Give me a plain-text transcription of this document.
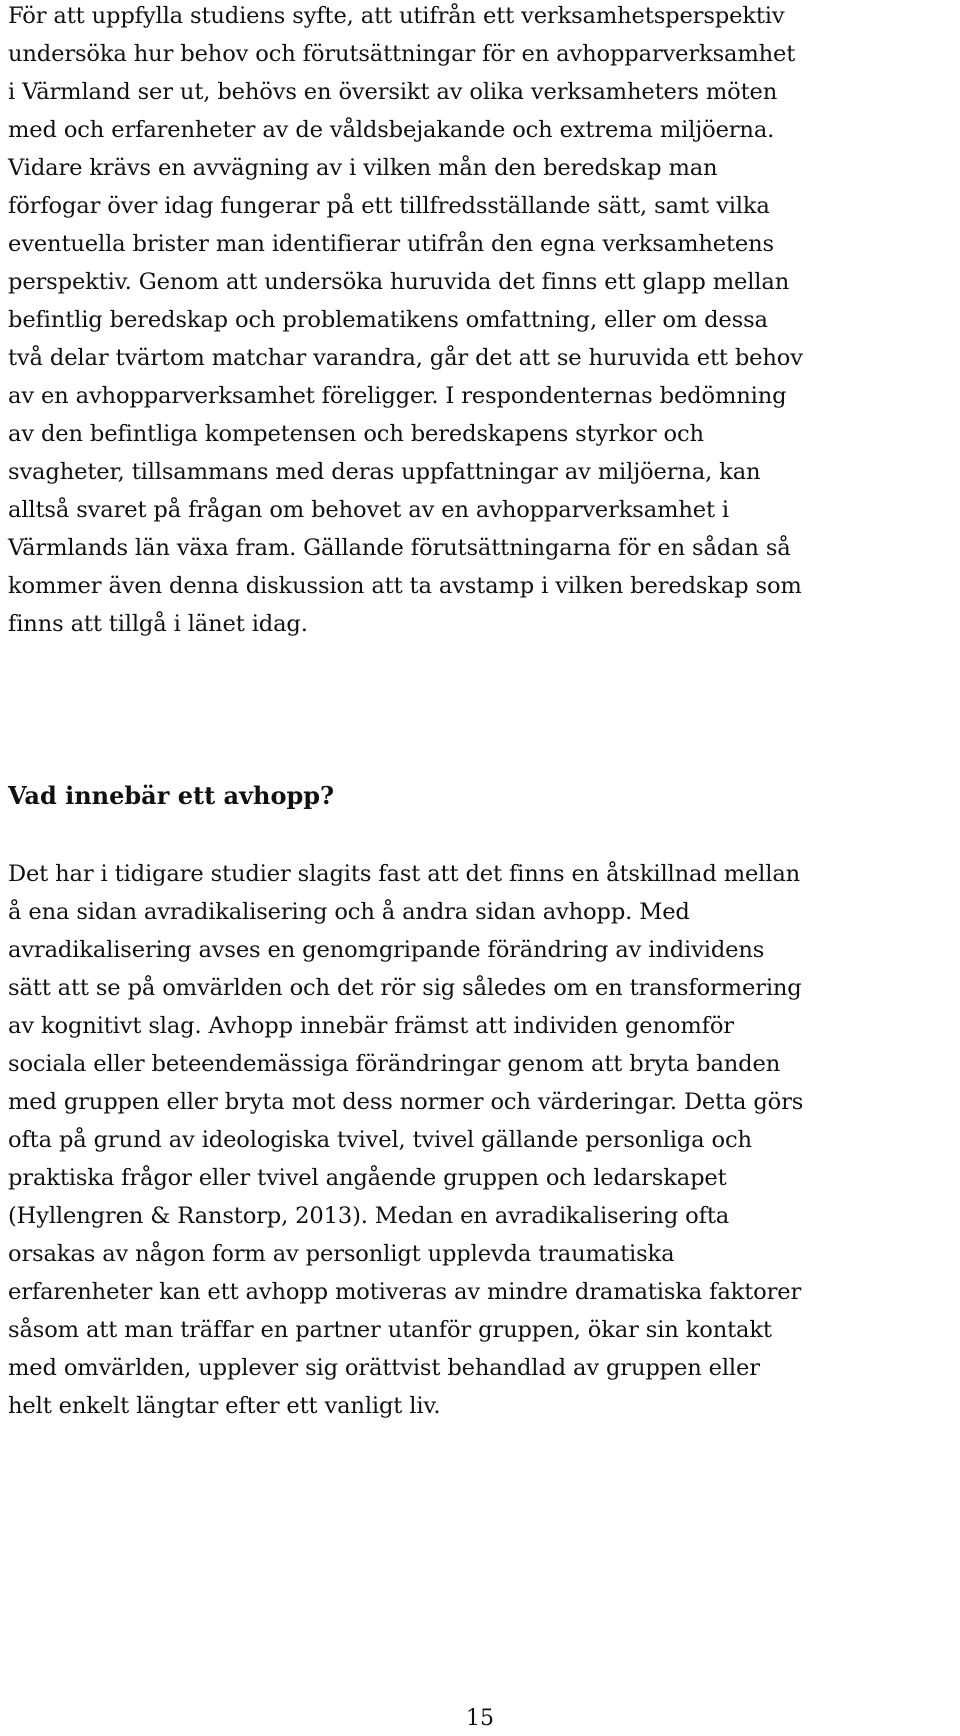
För att uppfylla studiens syfte, att utifrån ett verksamhetsperspektiv
undersöka hur behov och förutsättningar för en avhopparverksamhet
i Värmland ser ut, behövs en översikt av olika verksamheters möten
med och erfarenheter av de våldsbejakande och extrema miljöerna.
Vidare krävs en avvägning av i vilken mån den beredskap man
förfogar över idag fungerar på ett tillfredsställande sätt, samt vilka
eventuella brister man identifierar utifrån den egna verksamhetens
perspektiv. Genom att undersöka huruvida det finns ett glapp mellan
befintlig beredskap och problematikens omfattning, eller om dessa
två delar tvärtom matchar varandra, går det att se huruvida ett behov
av en avhopparverksamhet föreligger. I respondenternas bedömning
av den befintliga kompetensen och beredskapens styrkor och
svagheter, tillsammans med deras uppfattningar av miljöerna, kan
alltså svaret på frågan om behovet av en avhopparverksamhet i
Värmlands län växa fram. Gällande förutsättningarna för en sådan så
kommer även denna diskussion att ta avstamp i vilken beredskap som
finns att tillgå i länet idag.

Vad innebär ett avhopp?

Det har i tidigare studier slagits fast att det finns en åtskillnad mellan
å ena sidan avradikalisering och å andra sidan avhopp. Med
avradikalisering avses en genomgripande förändring av individens
sätt att se på omvärlden och det rör sig således om en transformering
av kognitivt slag. Avhopp innebär främst att individen genomför
sociala eller beteendemässiga förändringar genom att bryta banden
med gruppen eller bryta mot dess normer och värderingar. Detta görs
ofta på grund av ideologiska tvivel, tvivel gällande personliga och
praktiska frågor eller tvivel angående gruppen och ledarskapet
(Hyllengren & Ranstorp, 2013). Medan en avradikalisering ofta
orsakas av någon form av personligt upplevda traumatiska
erfarenheter kan ett avhopp motiveras av mindre dramatiska faktorer
såsom att man träffar en partner utanför gruppen, ökar sin kontakt
med omvärlden, upplever sig orättvist behandlad av gruppen eller
helt enkelt längtar efter ett vanligt liv.

15
